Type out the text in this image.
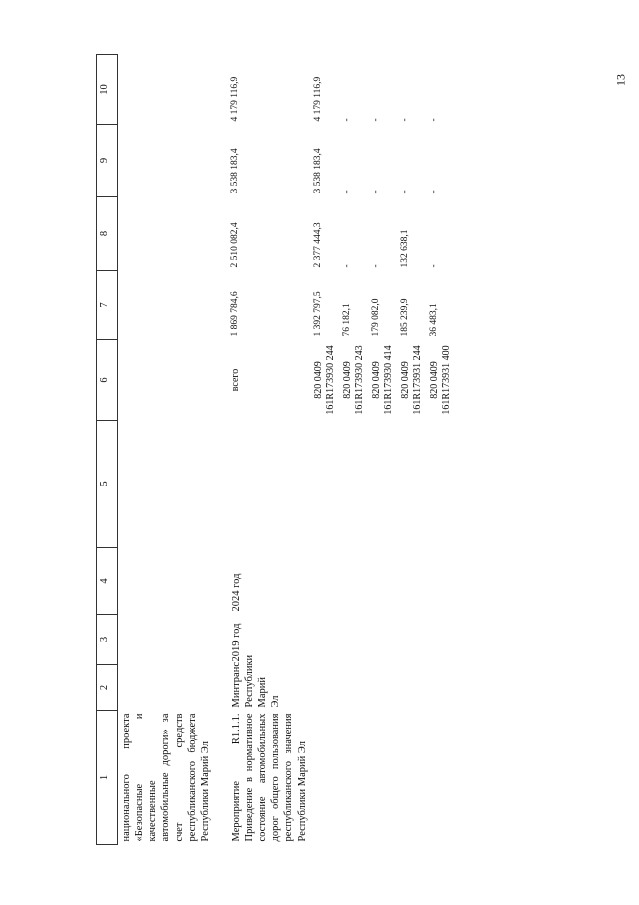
13
1	2	3	4	5	6	7	8	9	10
национального проекта «Безопасные и качественные автомобильные дороги» за счет средств республиканского бюджета Республики Марий Эл									

Мероприятие R1.1.1. Приведение в нормативное состояние автомобильных дорог общего пользования республиканского значения Республики Марий Эл	Минтранс Республики Марий Эл	2019 год	2024 год		всего	1 869 784,6	2 510 082,4	3 538 183,4	4 179 116,9
					820 0409 161R173930 244	1 392 797,5	2 377 444,3	3 538 183,4	4 179 116,9
					820 0409 161R173930 243	76 182,1	-	-	-
					820 0409 161R173930 414	179 082,0	-	-	-
					820 0409 161R173931 244	185 239,9	132 638,1	-	-
					820 0409 161R173931 400	36 483,1	-	-	-
